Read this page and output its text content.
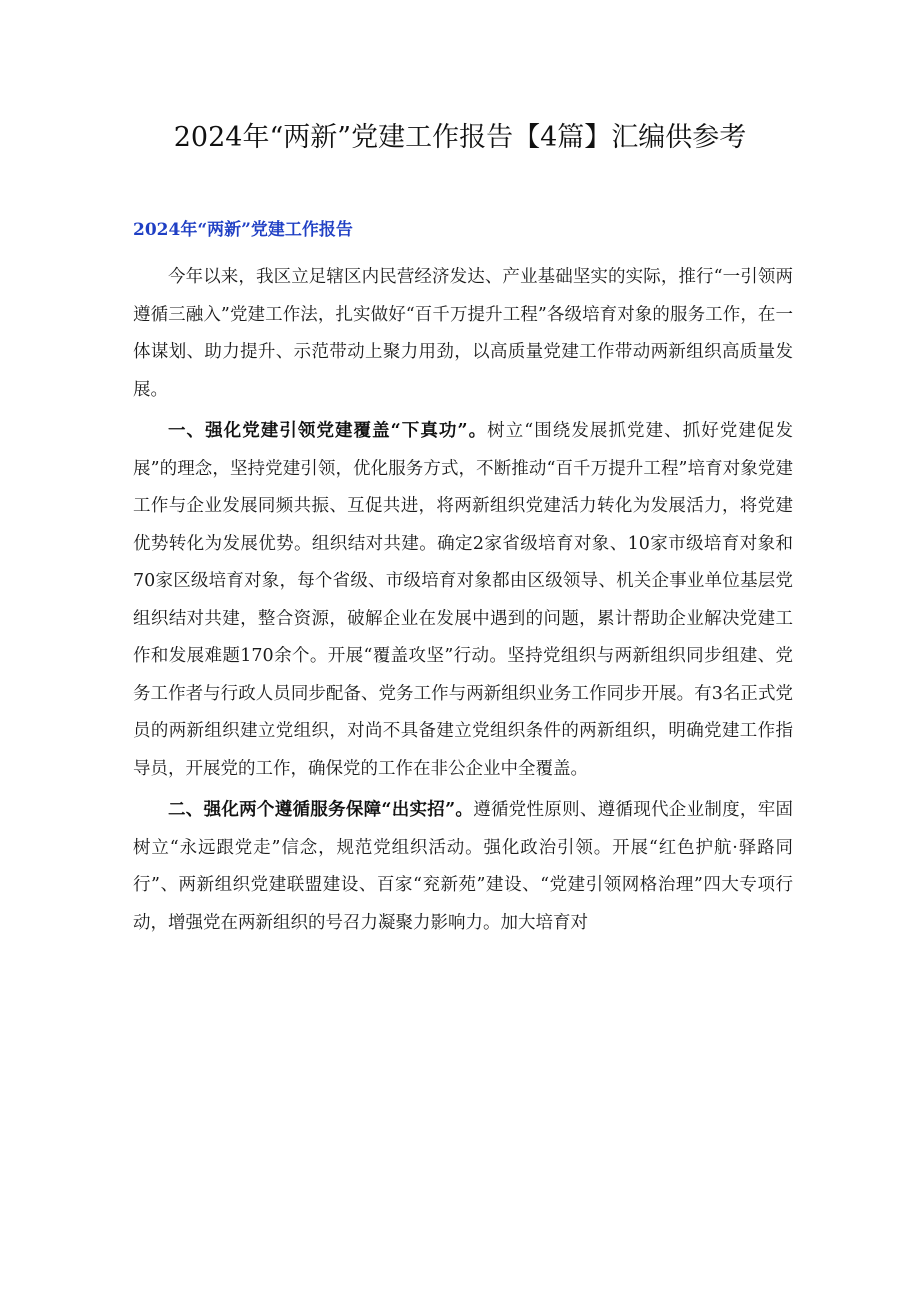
2024年“两新”党建工作报告【4篇】汇编供参考
2024年“两新”党建工作报告

今年以来，我区立足辖区内民营经济发达、产业基础坚实的实际，推行“一引领两遵循三融入”党建工作法，扎实做好“百千万提升工程”各级培育对象的服务工作，在一体谋划、助力提升、示范带动上聚力用劲，以高质量党建工作带动两新组织高质量发展。

一、强化党建引领党建覆盖“下真功”。树立“围绕发展抓党建、抓好党建促发展”的理念，坚持党建引领，优化服务方式，不断推动“百千万提升工程”培育对象党建工作与企业发展同频共振、互促共进，将两新组织党建活力转化为发展活力，将党建优势转化为发展优势。组织结对共建。确定2家省级培育对象、10家市级培育对象和70家区级培育对象，每个省级、市级培育对象都由区级领导、机关企事业单位基层党组织结对共建，整合资源，破解企业在发展中遇到的问题，累计帮助企业解决党建工作和发展难题170余个。开展“覆盖攻坚”行动。坚持党组织与两新组织同步组建、党务工作者与行政人员同步配备、党务工作与两新组织业务工作同步开展。有3名正式党员的两新组织建立党组织，对尚不具备建立党组织条件的两新组织，明确党建工作指导员，开展党的工作，确保党的工作在非公企业中全覆盖。

二、强化两个遵循服务保障“出实招”。遵循党性原则、遵循现代企业制度，牢固树立“永远跟党走”信念，规范党组织活动。强化政治引领。开展“红色护航·驿路同行”、两新组织党建联盟建设、百家“兖新苑”建设、“党建引领网格治理”四大专项行动，增强党在两新组织的号召力凝聚力影响力。加大培育对
